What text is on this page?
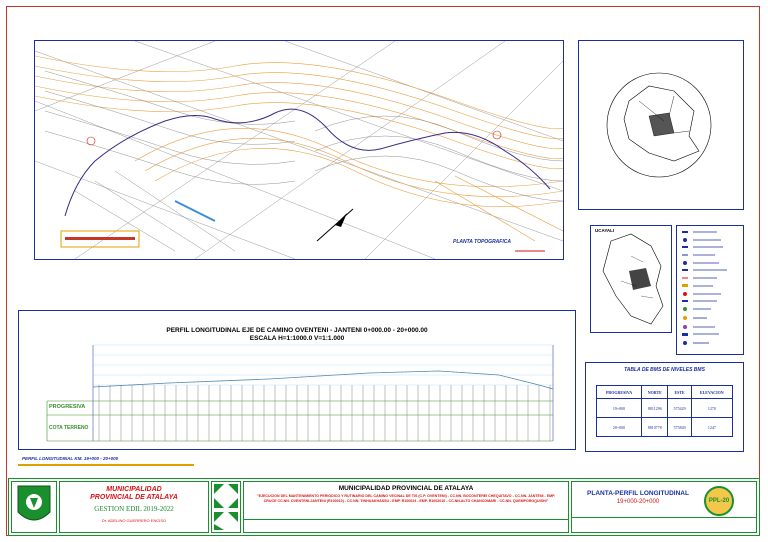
PLANTA TOPOGRAFICA
UCAYALI
TABLA DE BMS DE NIVELES BMS
PROGRESIVA	NORTE	ESTE	ELEVACION
19+000	8811296	575429	1270
20+000	8810778	575849	1247
PERFIL LONGITUDINAL EJE DE CAMINO OVENTENI - JANTENI 0+000.00 - 20+000.00
ESCALA H=1:1000.0 V=1:1.000
PROGRESIVA
COTA TERRENO
PERFIL LONGITUDINAL KM. 19+000 - 20+000
MUNICIPALIDAD
PROVINCIAL DE ATALAYA
GESTION EDIL 2019-2022
Dr. ADELINO GUERRERO ENCISO
MUNICIPALIDAD PROVINCIAL DE ATALAYA
"EJECUCION DEL MANTENIMIENTO PERIODICO Y RUTINARIO DEL CAMINO VECINAL DE TIS (C.P. OVENTENI) - CC.NN. BOCONTEREI CHEQUITAVO - CC.NN. JANTENI - EMP. CRUCE CC.NN. OVENTENI-JANTENI (R100010) - CC.NN. TINHUAKHASSU - EMP. R100024 - EMP. R1002016 - CC.NN.ALTO CHANCOMARI - CC.NN. QUEMPOROQUISHI"
PLANTA-PERFIL LONGITUDINAL
19+000-20+000	PPL-20
